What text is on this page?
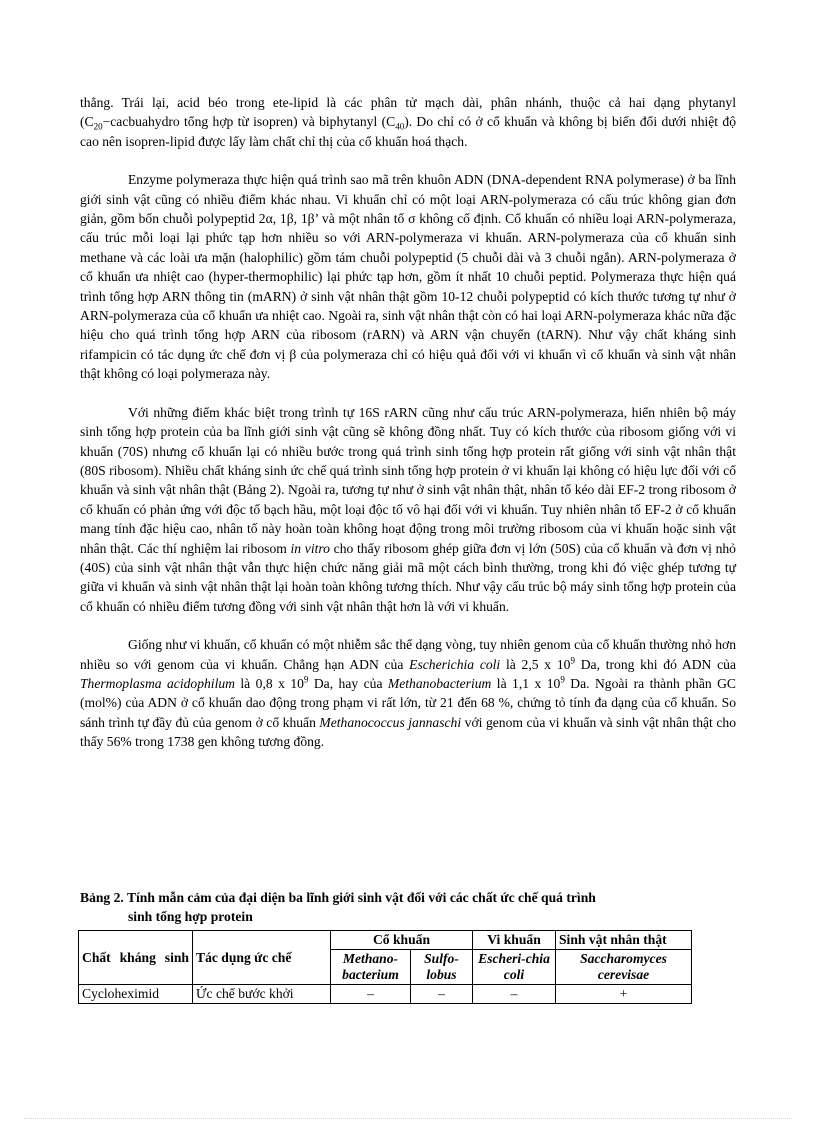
thẳng. Trái lại, acid béo trong ete-lipid là các phân tử mạch dài, phân nhánh, thuộc cả hai dạng phytanyl ($C_{20}-cacbuahydro$ tổng hợp từ isopren) và biphytanyl $(C_{40})$. Do chỉ có ở cổ khuẩn và không bị biến đổi dưới nhiệt độ cao nên isopren-lipid được lấy làm chất chỉ thị của cổ khuẩn hoá thạch.

Enzyme polymeraza thực hiện quá trình sao mã trên khuôn ADN (DNA-dependent RNA polymerase) ở ba lĩnh giới sinh vật cũng có nhiều điểm khác nhau. Vi khuẩn chỉ có một loại ARN-polymeraza có cấu trúc không gian đơn giản, gồm bốn chuỗi polypeptid 2α, 1β, 1β’ và một nhân tố σ không cố định. Cổ khuẩn có nhiều loại ARN-polymeraza, cấu trúc mỗi loại lại phức tạp hơn nhiều so với ARN-polymeraza vi khuẩn. ARN-polymeraza của cổ khuẩn sinh methane và các loài ưa mặn (halophilic) gồm tám chuỗi polypeptid (5 chuỗi dài và 3 chuỗi ngắn). ARN-polymeraza ở cổ khuẩn ưa nhiệt cao (hyper-thermophilic) lại phức tạp hơn, gồm ít nhất 10 chuỗi peptid. Polymeraza thực hiện quá trình tổng hợp ARN thông tin (mARN) ở sinh vật nhân thật gồm 10-12 chuỗi polypeptid có kích thước tương tự như ở ARN-polymeraza của cổ khuẩn ưa nhiệt cao. Ngoài ra, sinh vật nhân thật còn có hai loại ARN-polymeraza khác nữa đặc hiệu cho quá trình tổng hợp ARN của ribosom (rARN) và ARN vận chuyển (tARN). Như vậy chất kháng sinh rifampicin có tác dụng ức chế đơn vị β của polymeraza chỉ có hiệu quả đối với vi khuẩn vì cổ khuẩn và sinh vật nhân thật không có loại polymeraza này.

Với những điểm khác biệt trong trình tự 16S rARN cũng như cấu trúc ARN-polymeraza, hiển nhiên bộ máy sinh tổng hợp protein của ba lĩnh giới sinh vật cũng sẽ không đồng nhất. Tuy có kích thước của ribosom giống với vi khuẩn (70S) nhưng cổ khuẩn lại có nhiều bước trong quá trình sinh tổng hợp protein rất giống với sinh vật nhân thật (80S ribosom). Nhiều chất kháng sinh ức chế quá trình sinh tổng hợp protein ở vi khuẩn lại không có hiệu lực đối với cổ khuẩn và sinh vật nhân thật (Bảng 2). Ngoài ra, tương tự như ở sinh vật nhân thật, nhân tố kéo dài EF-2 trong ribosom ở cổ khuẩn có phản ứng với độc tố bạch hầu, một loại độc tố vô hại đối với vi khuẩn. Tuy nhiên nhân tố EF-2 ở cổ khuẩn mang tính đặc hiệu cao, nhân tố này hoàn toàn không hoạt động trong môi trường ribosom của vi khuẩn hoặc sinh vật nhân thật. Các thí nghiệm lai ribosom in vitro cho thấy ribosom ghép giữa đơn vị lớn (50S) của cổ khuẩn và đơn vị nhỏ (40S) của sinh vật nhân thật vẫn thực hiện chức năng giải mã một cách bình thường, trong khi đó việc ghép tương tự giữa vi khuẩn và sinh vật nhân thật lại hoàn toàn không tương thích. Như vậy cấu trúc bộ máy sinh tổng hợp protein của cổ khuẩn có nhiều điểm tương đồng với sinh vật nhân thật hơn là với vi khuẩn.

Giống như vi khuẩn, cổ khuẩn có một nhiễm sắc thể dạng vòng, tuy nhiên genom của cổ khuẩn thường nhỏ hơn nhiều so với genom của vi khuẩn. Chẳng hạn ADN của Escherichia coli là 2,5 x $10^9$ Da, trong khi đó ADN của Thermoplasma acidophilum là 0,8 x $10^9$ Da, hay của Methanobacterium là 1,1 x $10^9$ Da. Ngoài ra thành phần GC (mol%) của ADN ở cổ khuẩn dao động trong phạm vi rất lớn, từ 21 đến 68 %, chứng tỏ tính đa dạng của cổ khuẩn. So sánh trình tự đầy đủ của genom ở cổ khuẩn Methanococcus jannaschi với genom của vi khuẩn và sinh vật nhân thật cho thấy 56% trong 1738 gen không tương đồng.

Bảng 2. Tính mẫn cảm của đại diện ba lĩnh giới sinh vật đối với các chất ức chế quá trình
sinh tổng hợp protein

Chất kháng sinh	Tác dụng ức chế	Cổ khuẩn		Vi khuẩn	Sinh vật nhân thật
		Methano-bacterium	Sulfo-lobus	Escheri-chia coli	Saccharomyces cerevisae
Cycloheximid	Ức chế bước khởi	–	–	–	+
